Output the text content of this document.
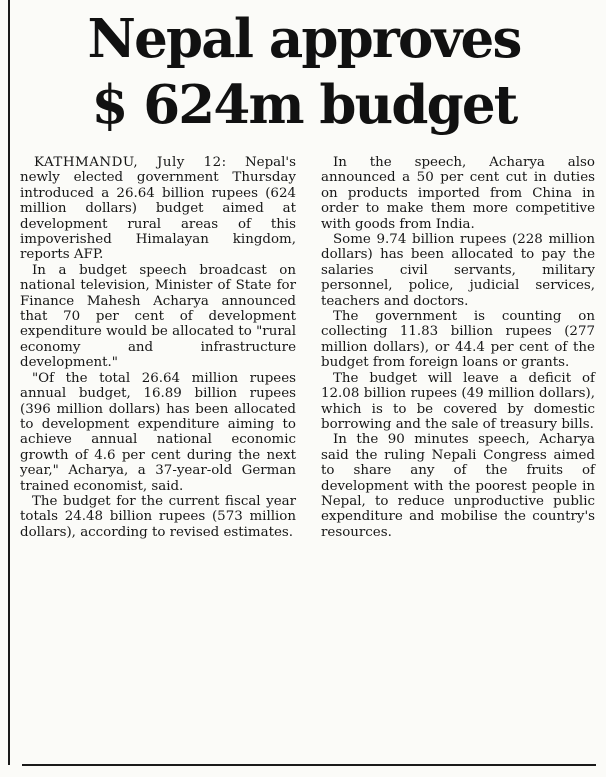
Nepal approves
$ 624m budget

KATHMANDU, July 12: Nepal's newly elected government Thursday introduced a 26.64 billion rupees (624 million dollars) budget aimed at development rural areas of this impoverished Himalayan kingdom, reports AFP.

In a budget speech broadcast on national television, Minister of State for Finance Mahesh Acharya announced that 70 per cent of development expenditure would be allocated to "rural economy and infrastructure development."

"Of the total 26.64 million rupees annual budget, 16.89 billion rupees (396 million dollars) has been allocated to development expenditure aiming to achieve annual national economic growth of 4.6 per cent during the next year," Acharya, a 37-year-old German trained economist, said.

The budget for the current fiscal year totals 24.48 billion rupees (573 million dollars), according to revised estimates.

In the speech, Acharya also announced a 50 per cent cut in duties on products imported from China in order to make them more competitive with goods from India.

Some 9.74 billion rupees (228 million dollars) has been allocated to pay the salaries civil servants, military personnel, police, judicial services, teachers and doctors.

The government is counting on collecting 11.83 billion rupees (277 million dollars), or 44.4 per cent of the budget from foreign loans or grants.

The budget will leave a deficit of 12.08 billion rupees (49 million dollars), which is to be covered by domestic borrowing and the sale of treasury bills.

In the 90 minutes speech, Acharya said the ruling Nepali Congress aimed to share any of the fruits of development with the poorest people in Nepal, to reduce unproductive public expenditure and mobilise the country's resources.
